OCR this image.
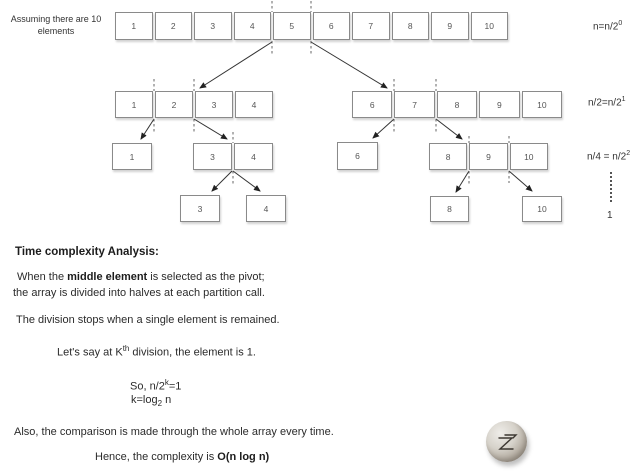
Assuming there are 10
elements	1	2	3	4	5	6	7	8	9	10
1	2	3	4	6	7	8	9	10
1	3	4	6	8	9	10
3	4	8	10
$n=n/2^0$
$n/2=n/2^1$
$n/4 = n/2^2$
1
Time complexity Analysis:
When the middle element is selected as the pivot;
the array is divided into halves at each partition call.
The division stops when a single element is remained.
Let's say at $K^{th}$ division, the element is 1.
So, $n/2^k=1$
$k=\log_2$ n
Also, the comparison is made through the whole array every time.
Hence, the complexity is O(n log n)
